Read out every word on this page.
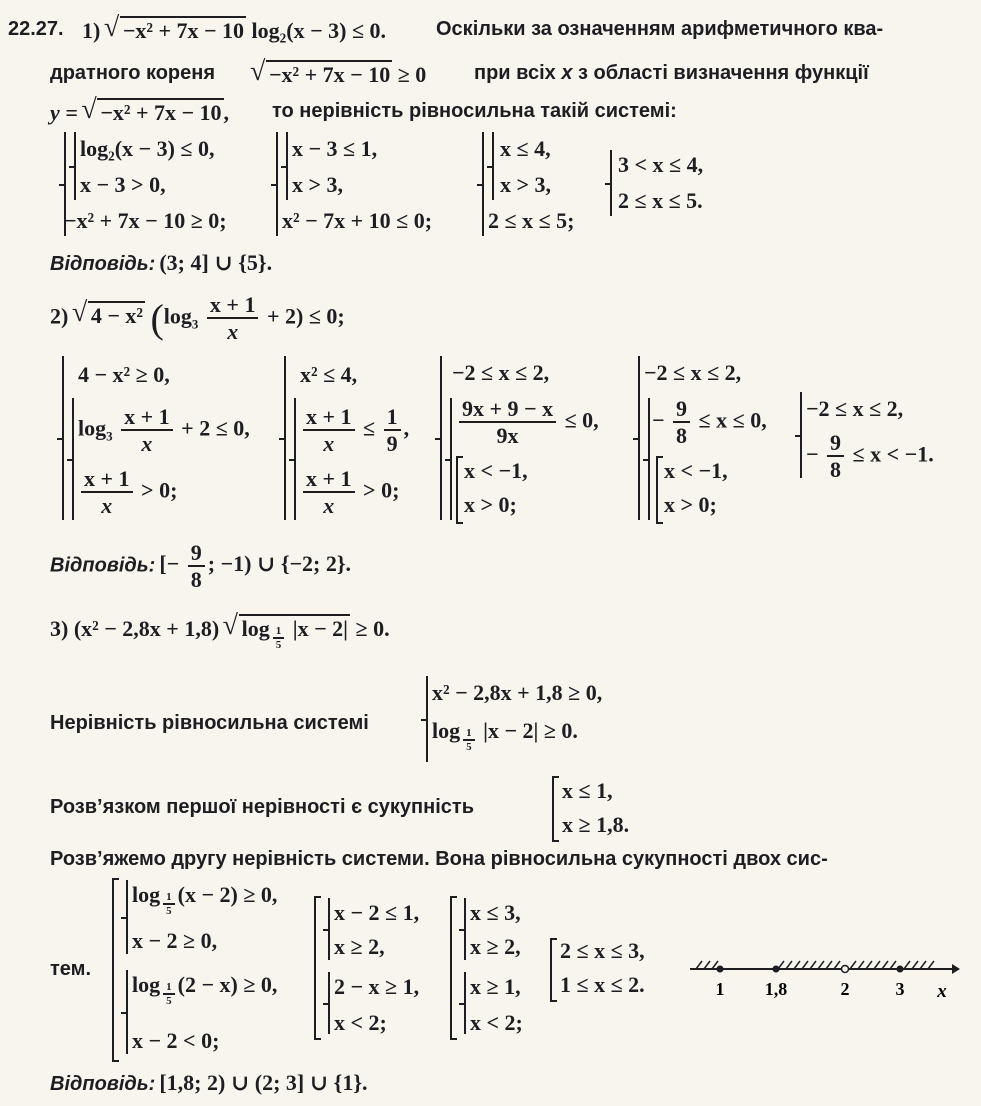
22.27. 1) √ −x² + 7x − 10 log₂(x − 3) ≤ 0. Оскільки за означенням арифметичного ква-
дратного кореня	√ −x² + 7x − 10 ≥ 0 при всіх x з області визначення функції
y = √ −x² + 7x − 10, то нерівність рівносильна такій системі:
log₂(x − 3) ≤ 0,
x − 3 > 0,
−x² + 7x − 10 ≥ 0;
x − 3 ≤ 1,
x > 3,
x² − 7x + 10 ≤ 0;
x ≤ 4,
x > 3,
2 ≤ x ≤ 5;
3 < x ≤ 4,
2 ≤ x ≤ 5.
Відповідь: (3; 4] ∪ {5}.
2) √ 4 − x² $(\log_3 \frac{x + 1}{x} + 2) \le 0$;
4 − x² ≥ 0,
$\log_3 \frac{x + 1}{x} + 2 \le 0$,
$\frac{x + 1}{x} > 0$;
x² ≤ 4,
$\frac{x + 1}{x} \le \frac{1}{9}$ ,
$\frac{x + 1}{x} > 0$;
−2 ≤ x ≤ 2,
$\frac{9x + 9 - x}{9x} \le 0$,
x < −1,
x > 0;
−2 ≤ x ≤ 2,
− $\frac{9}{8} \le x \le 0$,
x < −1,
x > 0;
−2 ≤ x ≤ 2,
− $\frac{9}{8} \le x < -1$.
Відповідь: [− $\frac{9}{8}$ ; −1) ∪ {−2; 2}.
3) (x² − 2,8x + 1,8) √ log $_{\frac{1}{5}}$ |x − 2| ≥ 0.
Нерівність рівносильна системі
x² − 2,8x + 1,8 ≥ 0,
log $_{\frac{1}{5}}$ |x − 2| ≥ 0.
Розв’язком першої нерівності є сукупність
x ≤ 1,
x ≥ 1,8.
Розв’яжемо другу нерівність системи. Вона рівносильна сукупності двох сис-
тем.
log $_{\frac{1}{5}}$ (x − 2) ≥ 0,
x − 2 ≥ 0,
log $_{\frac{1}{5}}$ (2 − x) ≥ 0,
x − 2 < 0;
x − 2 ≤ 1,
x ≥ 2,
2 − x ≥ 1,
x < 2;
x ≤ 3,
x ≥ 2,
x ≥ 1,
x < 2;
2 ≤ x ≤ 3,
1 ≤ x ≤ 2.	1 1,8	2	3 x
Відповідь: [1,8; 2) ∪ (2; 3] ∪ {1}.
